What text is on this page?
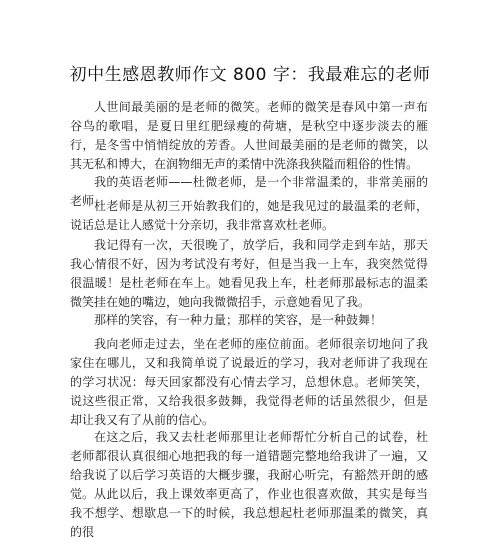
初中生感恩教师作文 800 字：我最难忘的老师

人世间最美丽的是老师的微笑。老师的微笑是春风中第一声布谷鸟的歌唱，是夏日里红肥绿瘦的荷塘，是秋空中逐步淡去的雁行，是冬雪中悄悄绽放的芳香。人世间最美丽的是老师的微笑，以其无私和博大，在润物细无声的柔情中洗涤我狭隘而粗俗的性情。

我的英语老师——杜微老师，是一个非常温柔的，非常美丽的老师 杜老师是从初三开始教我们的，她是我见过的最温柔的老师，说话总是让人感觉十分亲切，我非常喜欢杜老师。

我记得有一次，天很晚了，放学后，我和同学走到车站，那天我心情很不好，因为考试没有考好，但是当我一上车，我突然觉得很温暖！是杜老师在车上。她看见我上车，杜老师那最标志的温柔微笑挂在她的嘴边，她向我微微招手，示意她看见了我。

那样的笑容，有一种力量；那样的笑容，是一种鼓舞！

我向老师走过去，坐在老师的座位前面。老师很亲切地问了我家住在哪儿，又和我简单说了说最近的学习，我对老师讲了我现在的学习状况：每天回家都没有心情去学习，总想休息。老师笑笑，说这些很正常，又给我很多鼓舞，我觉得老师的话虽然很少，但是却让我又有了从前的信心。

在这之后，我又去杜老师那里让老师帮忙分析自己的试卷，杜老师都很认真很细心地把我的每一道错题完整地给我讲了一遍，又给我说了以后学习英语的大概步骤，我耐心听完，有豁然开朗的感觉。 从此以后，我上课效率更高了，作业也很喜欢做，其实是每当我不想学、想歇息一下的时候，我总想起杜老师那温柔的微笑，真的很
